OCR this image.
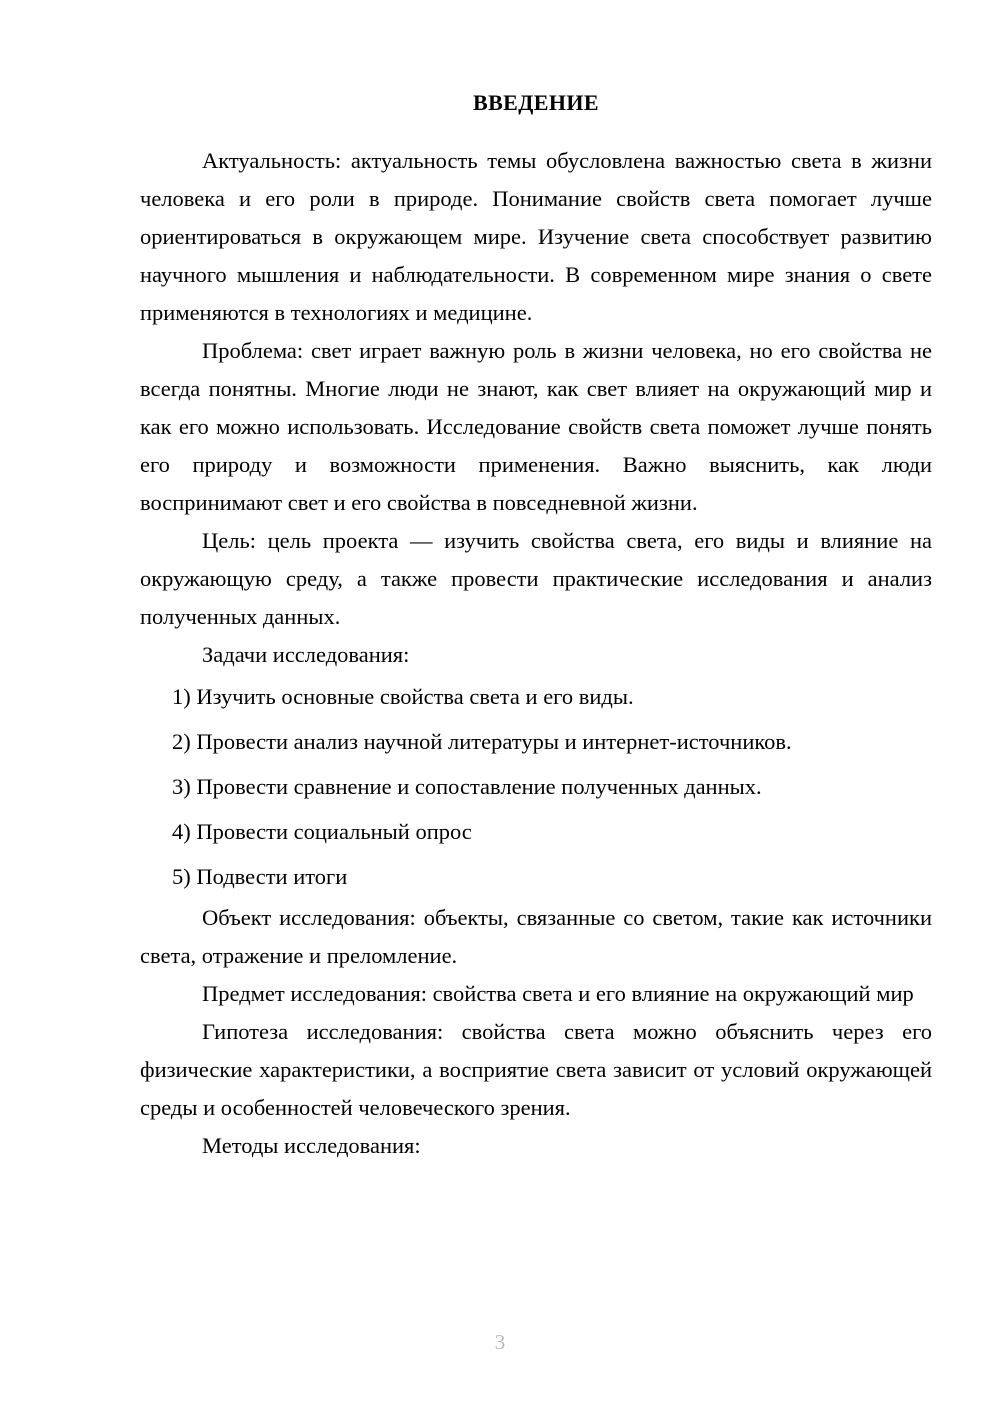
ВВЕДЕНИЕ

Актуальность: актуальность темы обусловлена важностью света в жизни человека и его роли в природе. Понимание свойств света помогает лучше ориентироваться в окружающем мире. Изучение света способствует развитию научного мышления и наблюдательности. В современном мире знания о свете применяются в технологиях и медицине.

Проблема: свет играет важную роль в жизни человека, но его свойства не всегда понятны. Многие люди не знают, как свет влияет на окружающий мир и как его можно использовать. Исследование свойств света поможет лучше понять его природу и возможности применения. Важно выяснить, как люди воспринимают свет и его свойства в повседневной жизни.

Цель: цель проекта — изучить свойства света, его виды и влияние на окружающую среду, а также провести практические исследования и анализ полученных данных.

Задачи исследования:

1) Изучить основные свойства света и его виды.
2) Провести анализ научной литературы и интернет-источников.
3) Провести сравнение и сопоставление полученных данных.
4) Провести социальный опрос
5) Подвести итоги

Объект исследования: объекты, связанные со светом, такие как источники света, отражение и преломление.

Предмет исследования: свойства света и его влияние на окружающий мир

Гипотеза исследования: свойства света можно объяснить через его физические характеристики, а восприятие света зависит от условий окружающей среды и особенностей человеческого зрения.

Методы исследования:

3
